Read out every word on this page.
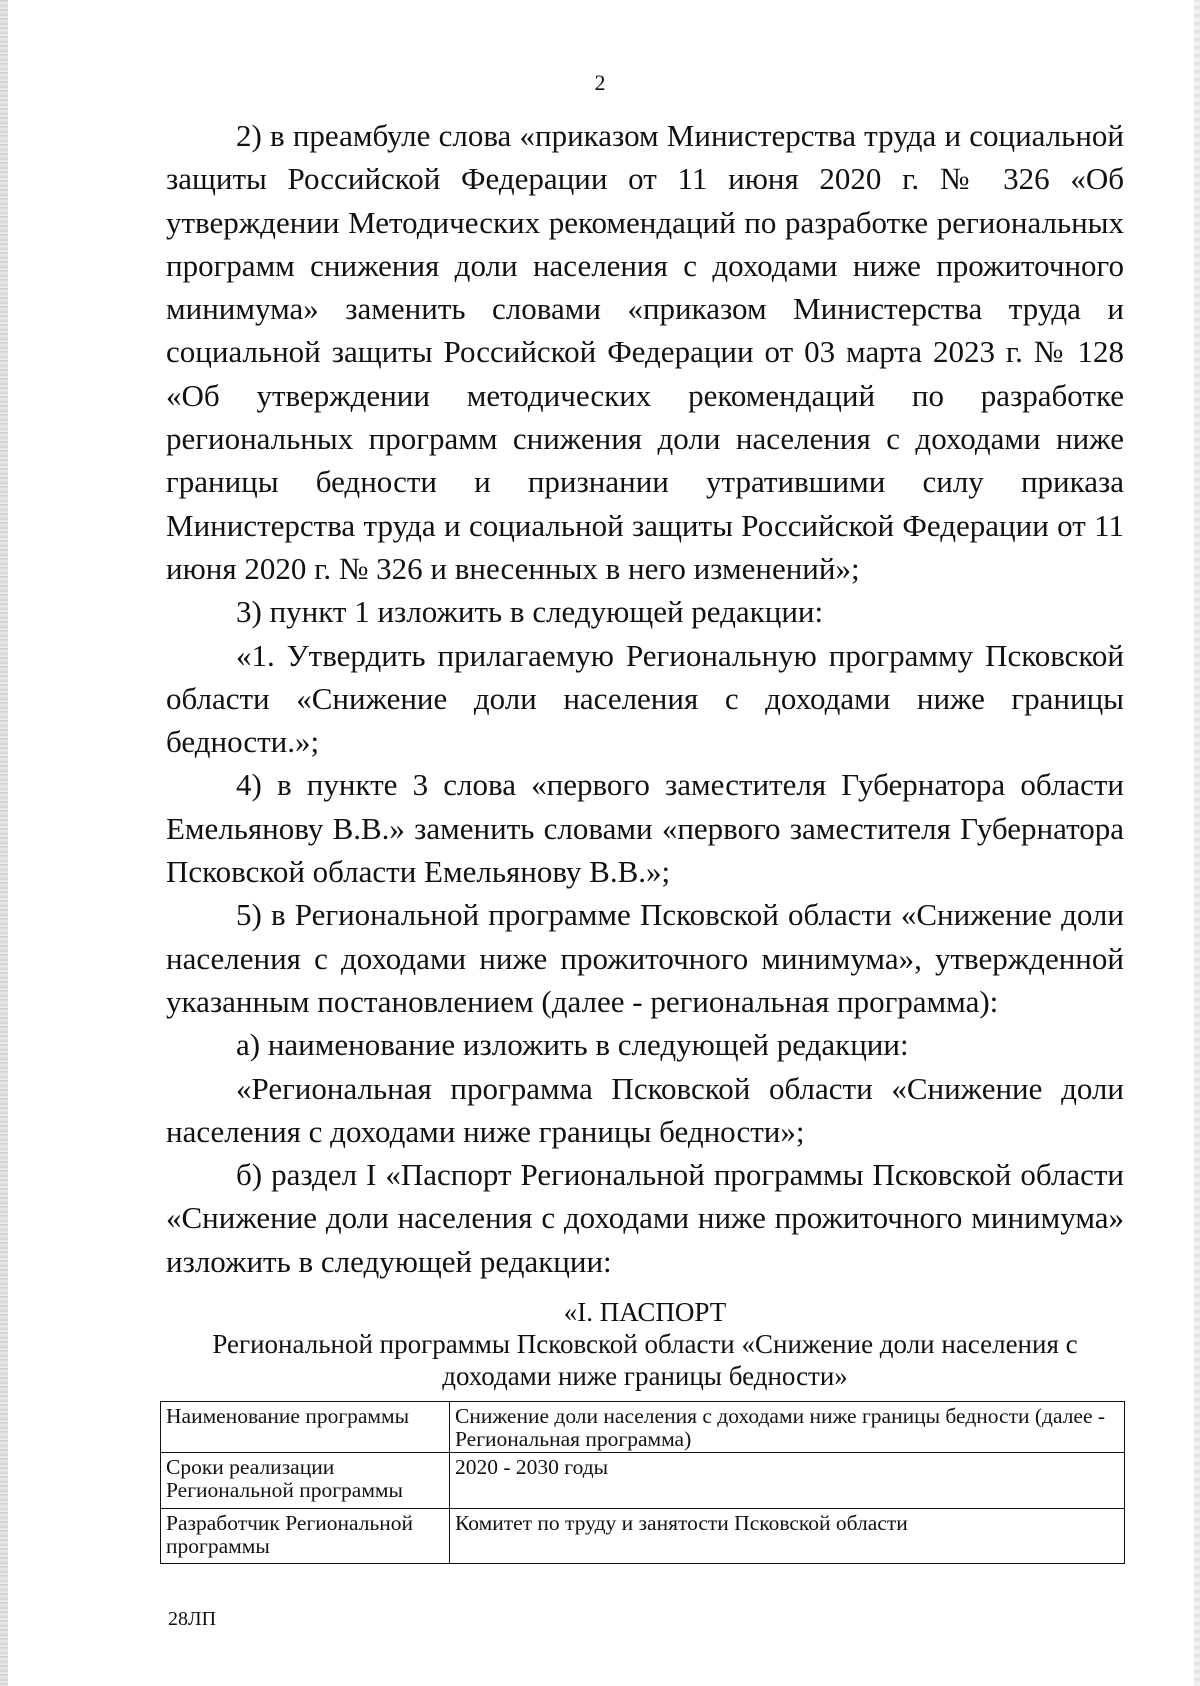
2

2) в преамбуле слова «приказом Министерства труда и социальной защиты Российской Федерации от 11 июня 2020 г. № 326 «Об утверждении Методических рекомендаций по разработке региональных программ снижения доли населения с доходами ниже прожиточного минимума» заменить словами «приказом Министерства труда и социальной защиты Российской Федерации от 03 марта 2023 г. № 128 «Об утверждении методических рекомендаций по разработке региональных программ снижения доли населения с доходами ниже границы бедности и признании утратившими силу приказа Министерства труда и социальной защиты Российской Федерации от 11 июня 2020 г. № 326 и внесенных в него изменений»;

3) пункт 1 изложить в следующей редакции:

«1. Утвердить прилагаемую Региональную программу Псковской области «Снижение доли населения с доходами ниже границы бедности.»;

4) в пункте 3 слова «первого заместителя Губернатора области Емельянову В.В.» заменить словами «первого заместителя Губернатора Псковской области Емельянову В.В.»;

5) в Региональной программе Псковской области «Снижение доли населения с доходами ниже прожиточного минимума», утвержденной указанным постановлением (далее - региональная программа):

а) наименование изложить в следующей редакции:

«Региональная программа Псковской области «Снижение доли населения с доходами ниже границы бедности»;

б) раздел I «Паспорт Региональной программы Псковской области «Снижение доли населения с доходами ниже прожиточного минимума» изложить в следующей редакции:

«I. ПАСПОРТ
Региональной программы Псковской области «Снижение доли населения с
доходами ниже границы бедности»
Наименование программы	Снижение доли населения с доходами ниже границы бедности (далее - Региональная программа)
Сроки реализации Региональной программы	2020 - 2030 годы
Разработчик Региональной программы	Комитет по труду и занятости Псковской области
28ЛП
